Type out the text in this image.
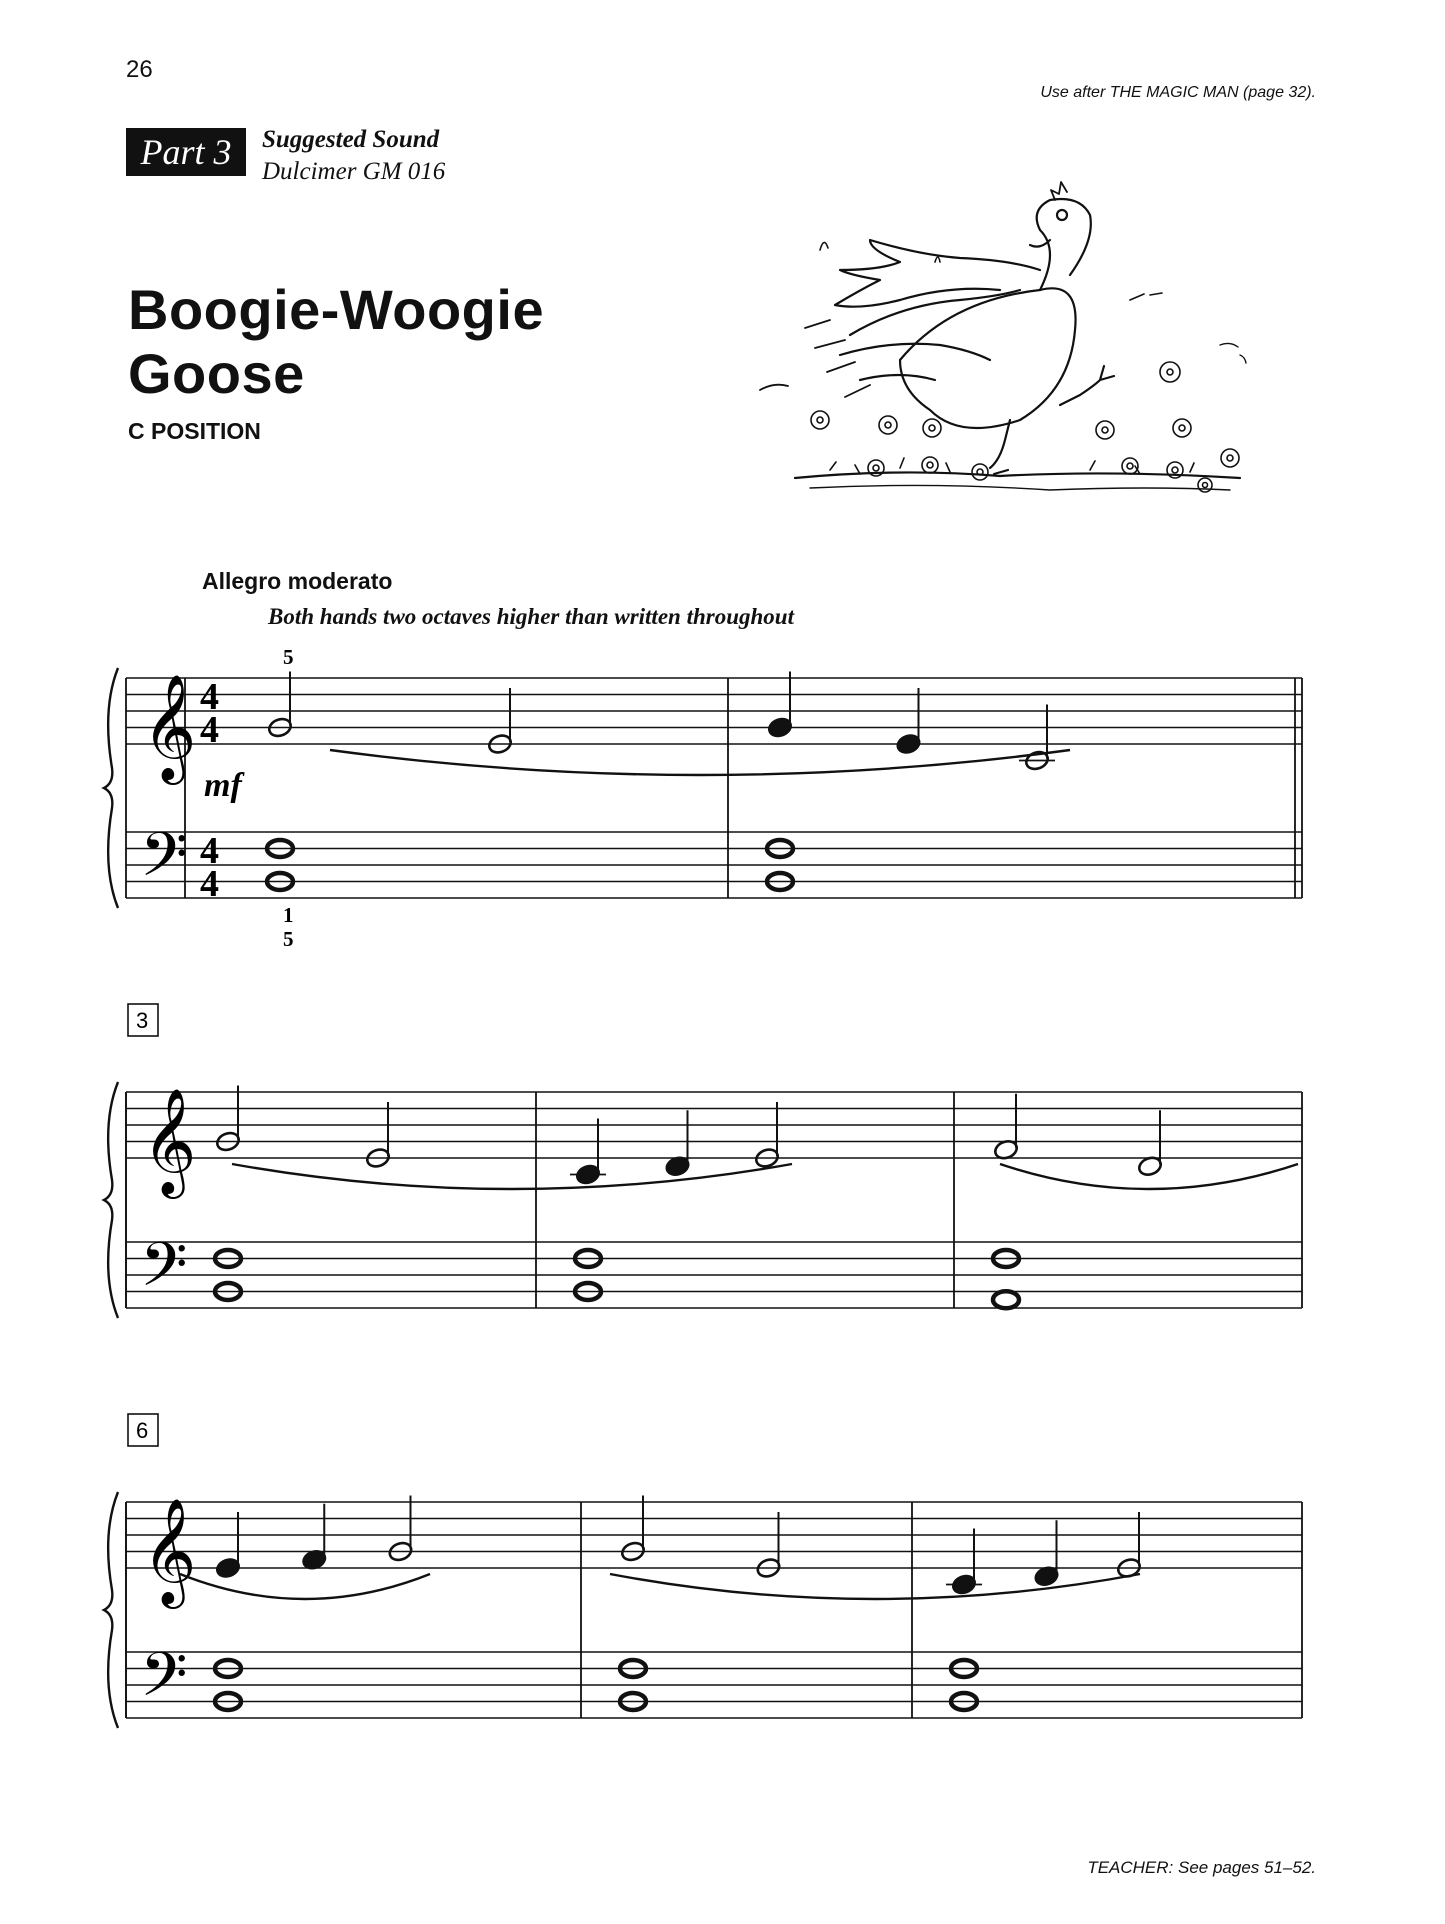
26
Use after THE MAGIC MAN (page 32).
Part 3	Suggested Sound
Dulcimer GM 016
Boogie-Woogie
Goose
C POSITION
Allegro moderato
Both hands two octaves higher than written throughout
𝄞
𝄢
4
4
4
4
mf
5
1
5
𝄞
𝄢
3
𝄞
𝄢
6
TEACHER: See pages 51–52.
